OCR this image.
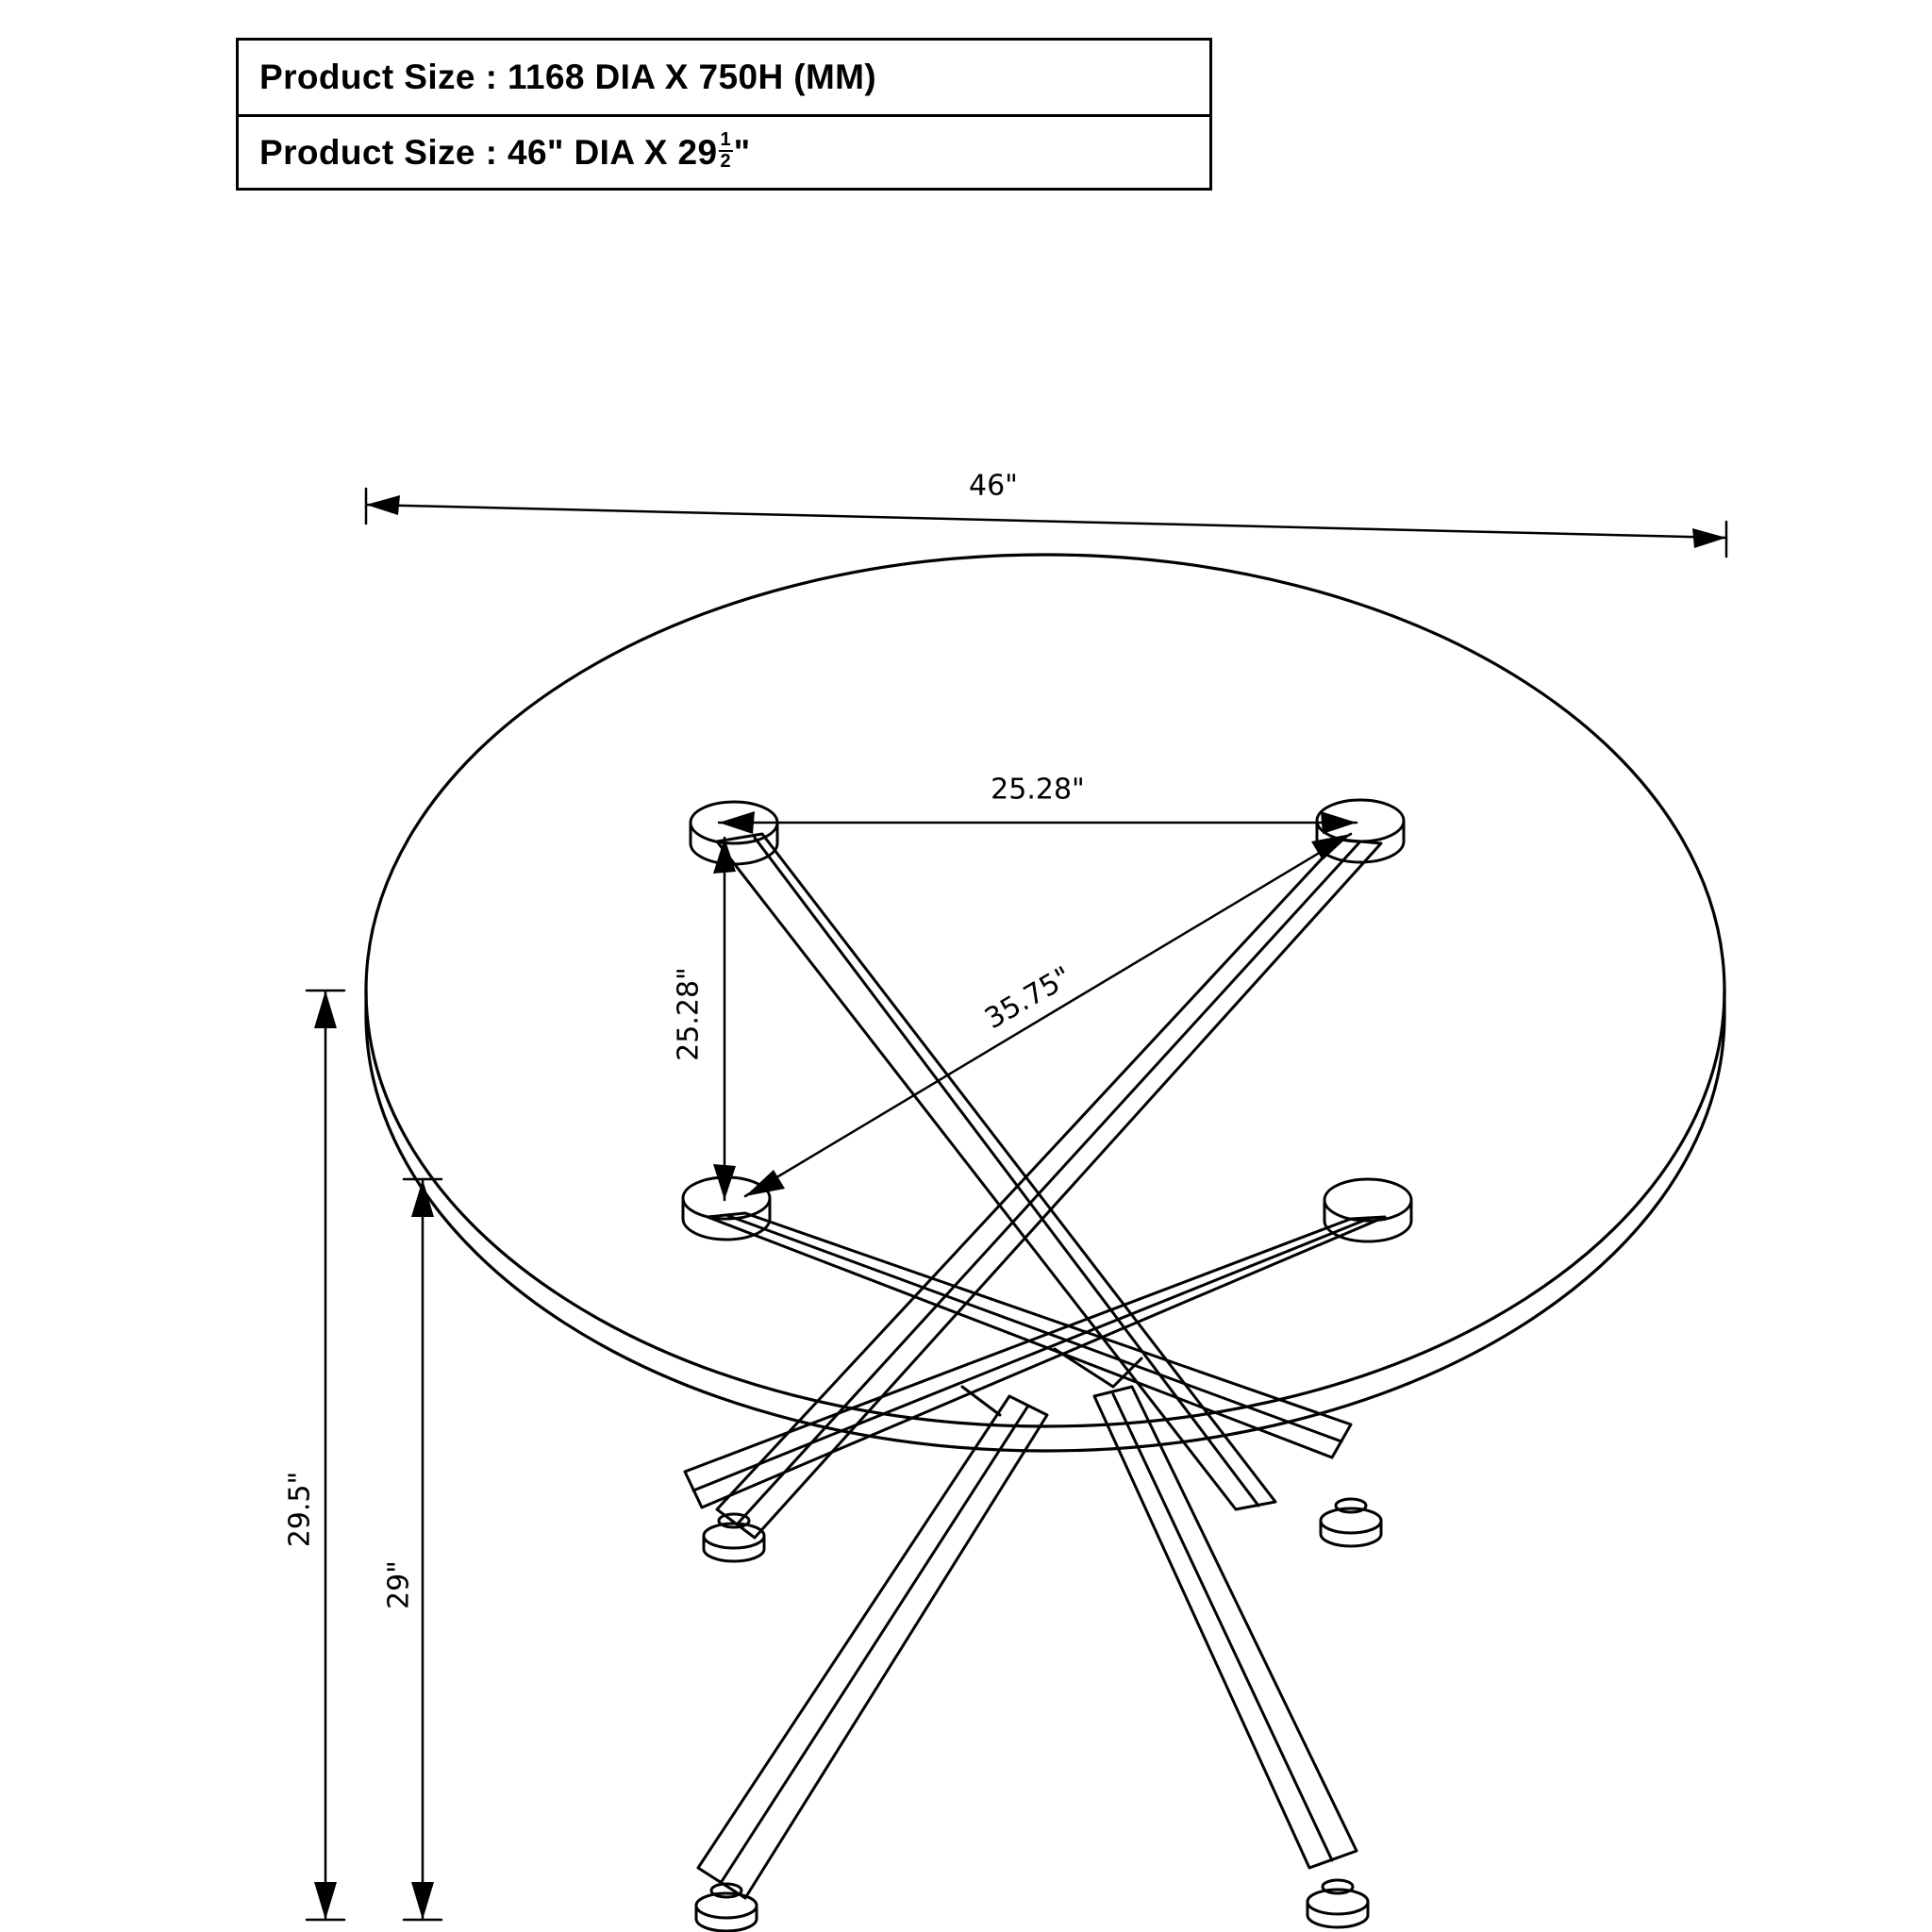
Product Size : 1168 DIA X 750H (MM)
Product Size : 46" DIA X $29 \frac{1}{2}$ "
46"
25.28"
25.28"	35.75"
29.5"
29"
